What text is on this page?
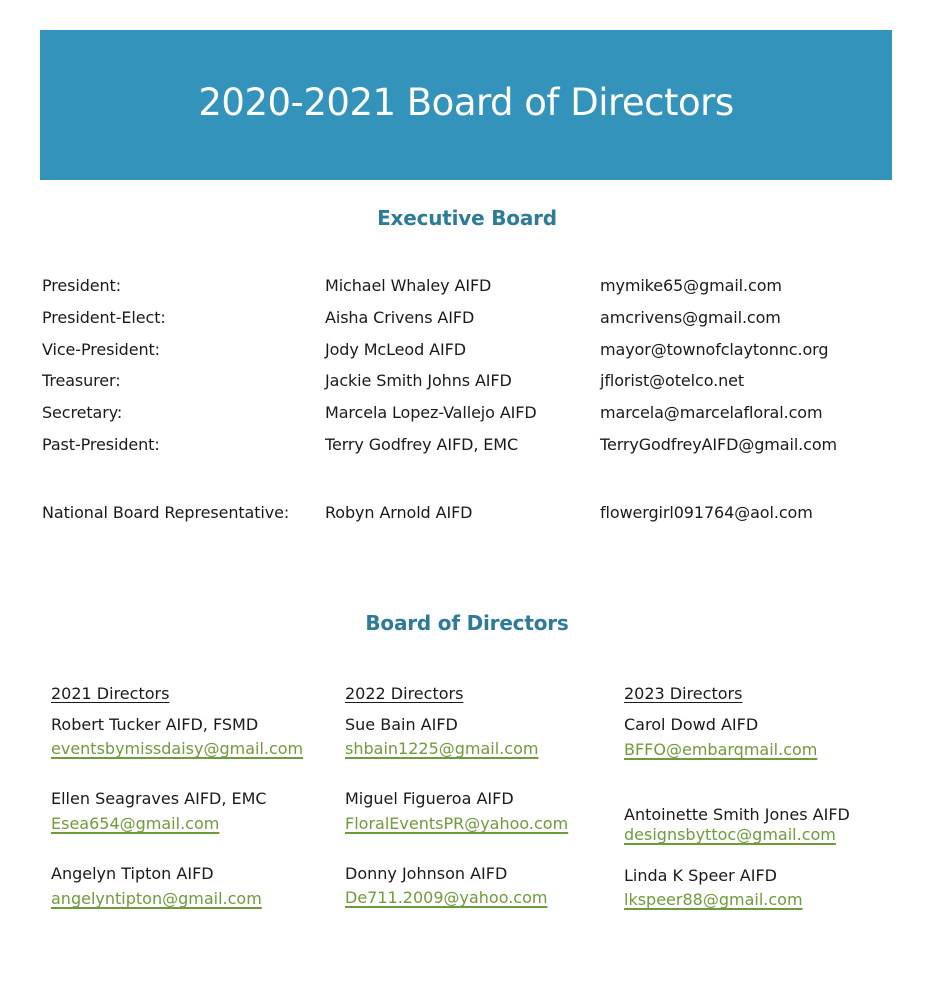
2020-2021 Board of Directors
Executive Board
President:	Michael Whaley AIFD	mymike65@gmail.com
President-Elect:	Aisha Crivens AIFD	amcrivens@gmail.com
Vice-President:	Jody McLeod AIFD	mayor@townofclaytonnc.org
Treasurer:	Jackie Smith Johns AIFD	jflorist@otelco.net
Secretary:	Marcela Lopez-Vallejo AIFD	marcela@marcelafloral.com
Past-President:	Terry Godfrey AIFD, EMC	TerryGodfreyAIFD@gmail.com
National Board Representative: Robyn Arnold AIFD	flowergirl091764@aol.com
Board of Directors
2021 Directors
Robert Tucker AIFD, FSMD
eventsbymissdaisy@gmail.com
Ellen Seagraves AIFD, EMC
Esea654@gmail.com
Angelyn Tipton AIFD
angelyntipton@gmail.com
2022 Directors
Sue Bain AIFD
shbain1225@gmail.com
Miguel Figueroa AIFD
FloralEventsPR@yahoo.com
Donny Johnson AIFD
De711.2009@yahoo.com
2023 Directors
Carol Dowd AIFD
BFFO@embarqmail.com
Antoinette Smith Jones AIFD
designsbyttoc@gmail.com
Linda K Speer AIFD
lkspeer88@gmail.com
